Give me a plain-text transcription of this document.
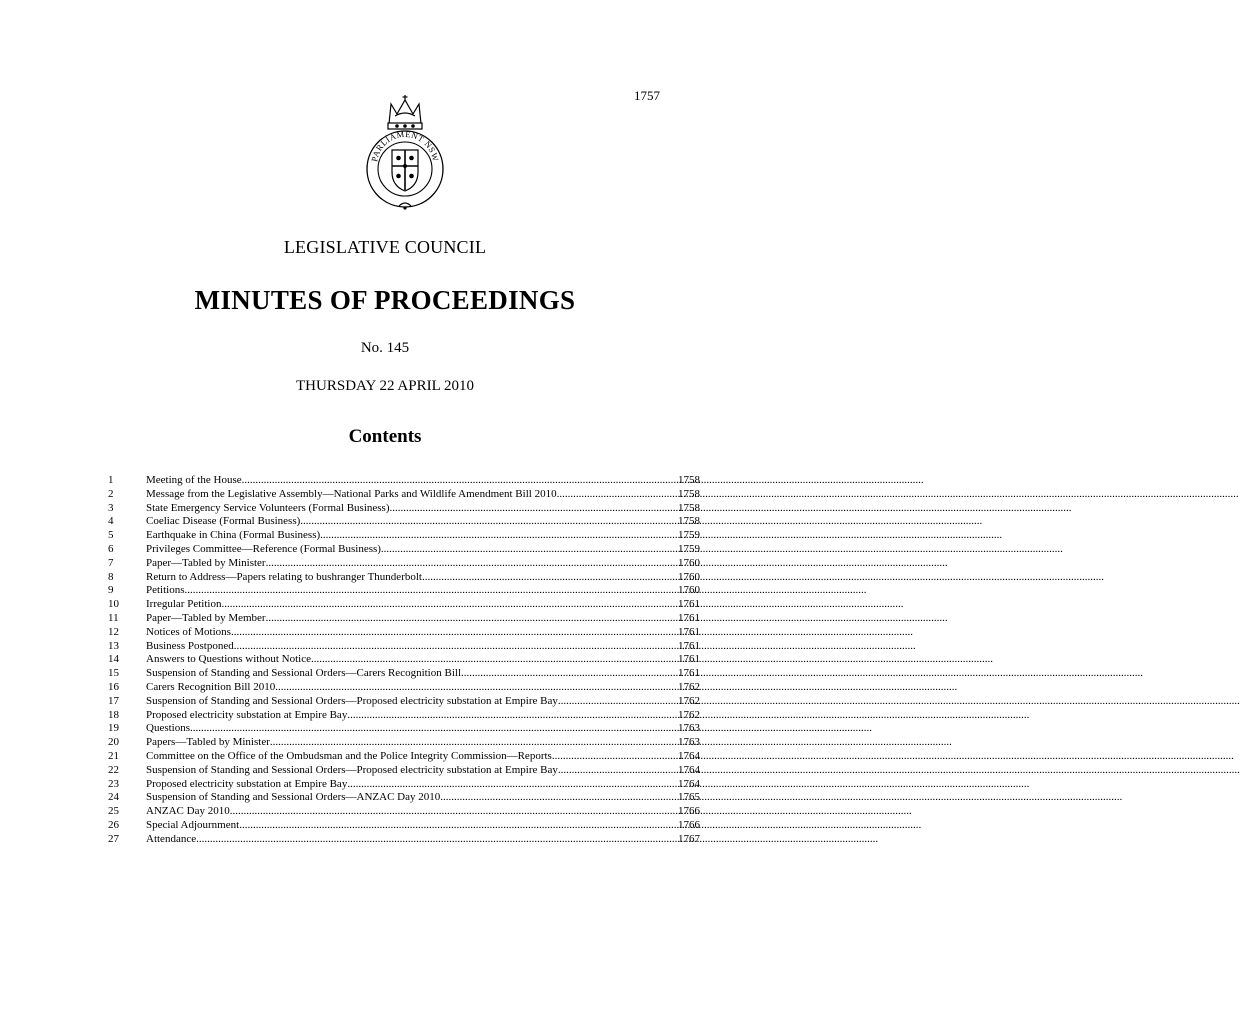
1757
PARLIAMENT NSW
LEGISLATIVE COUNCIL
MINUTES OF PROCEEDINGS
No. 145
THURSDAY 22 APRIL 2010
Contents
1	Meeting of the House .....	1758
2	Message from the Legislative Assembly—National Parks and Wildlife Amendment Bill 2010 .....	1758
3	State Emergency Service Volunteers (Formal Business) .....	1758
4	Coeliac Disease (Formal Business) .....	1758
5	Earthquake in China (Formal Business) .....	1759
6	Privileges Committee—Reference (Formal Business) .....	1759
7	Paper—Tabled by Minister .....	1760
8	Return to Address—Papers relating to bushranger Thunderbolt .....	1760
9	Petitions .....	1760
10	Irregular Petition .....	1761
11	Paper—Tabled by Member .....	1761
12	Notices of Motions .....	1761
13	Business Postponed .....	1761
14	Answers to Questions without Notice .....	1761
15	Suspension of Standing and Sessional Orders—Carers Recognition Bill .....	1761
16	Carers Recognition Bill 2010 .....	1762
17	Suspension of Standing and Sessional Orders—Proposed electricity substation at Empire Bay .....	1762
18	Proposed electricity substation at Empire Bay .....	1762
19	Questions .....	1763
20	Papers—Tabled by Minister .....	1763
21	Committee on the Office of the Ombudsman and the Police Integrity Commission—Reports .....	1764
22	Suspension of Standing and Sessional Orders—Proposed electricity substation at Empire Bay .....	1764
23	Proposed electricity substation at Empire Bay .....	1764
24	Suspension of Standing and Sessional Orders—ANZAC Day 2010 .....	1765
25	ANZAC Day 2010 .....	1766
26	Special Adjournment .....	1766
27	Attendance .....	1767
